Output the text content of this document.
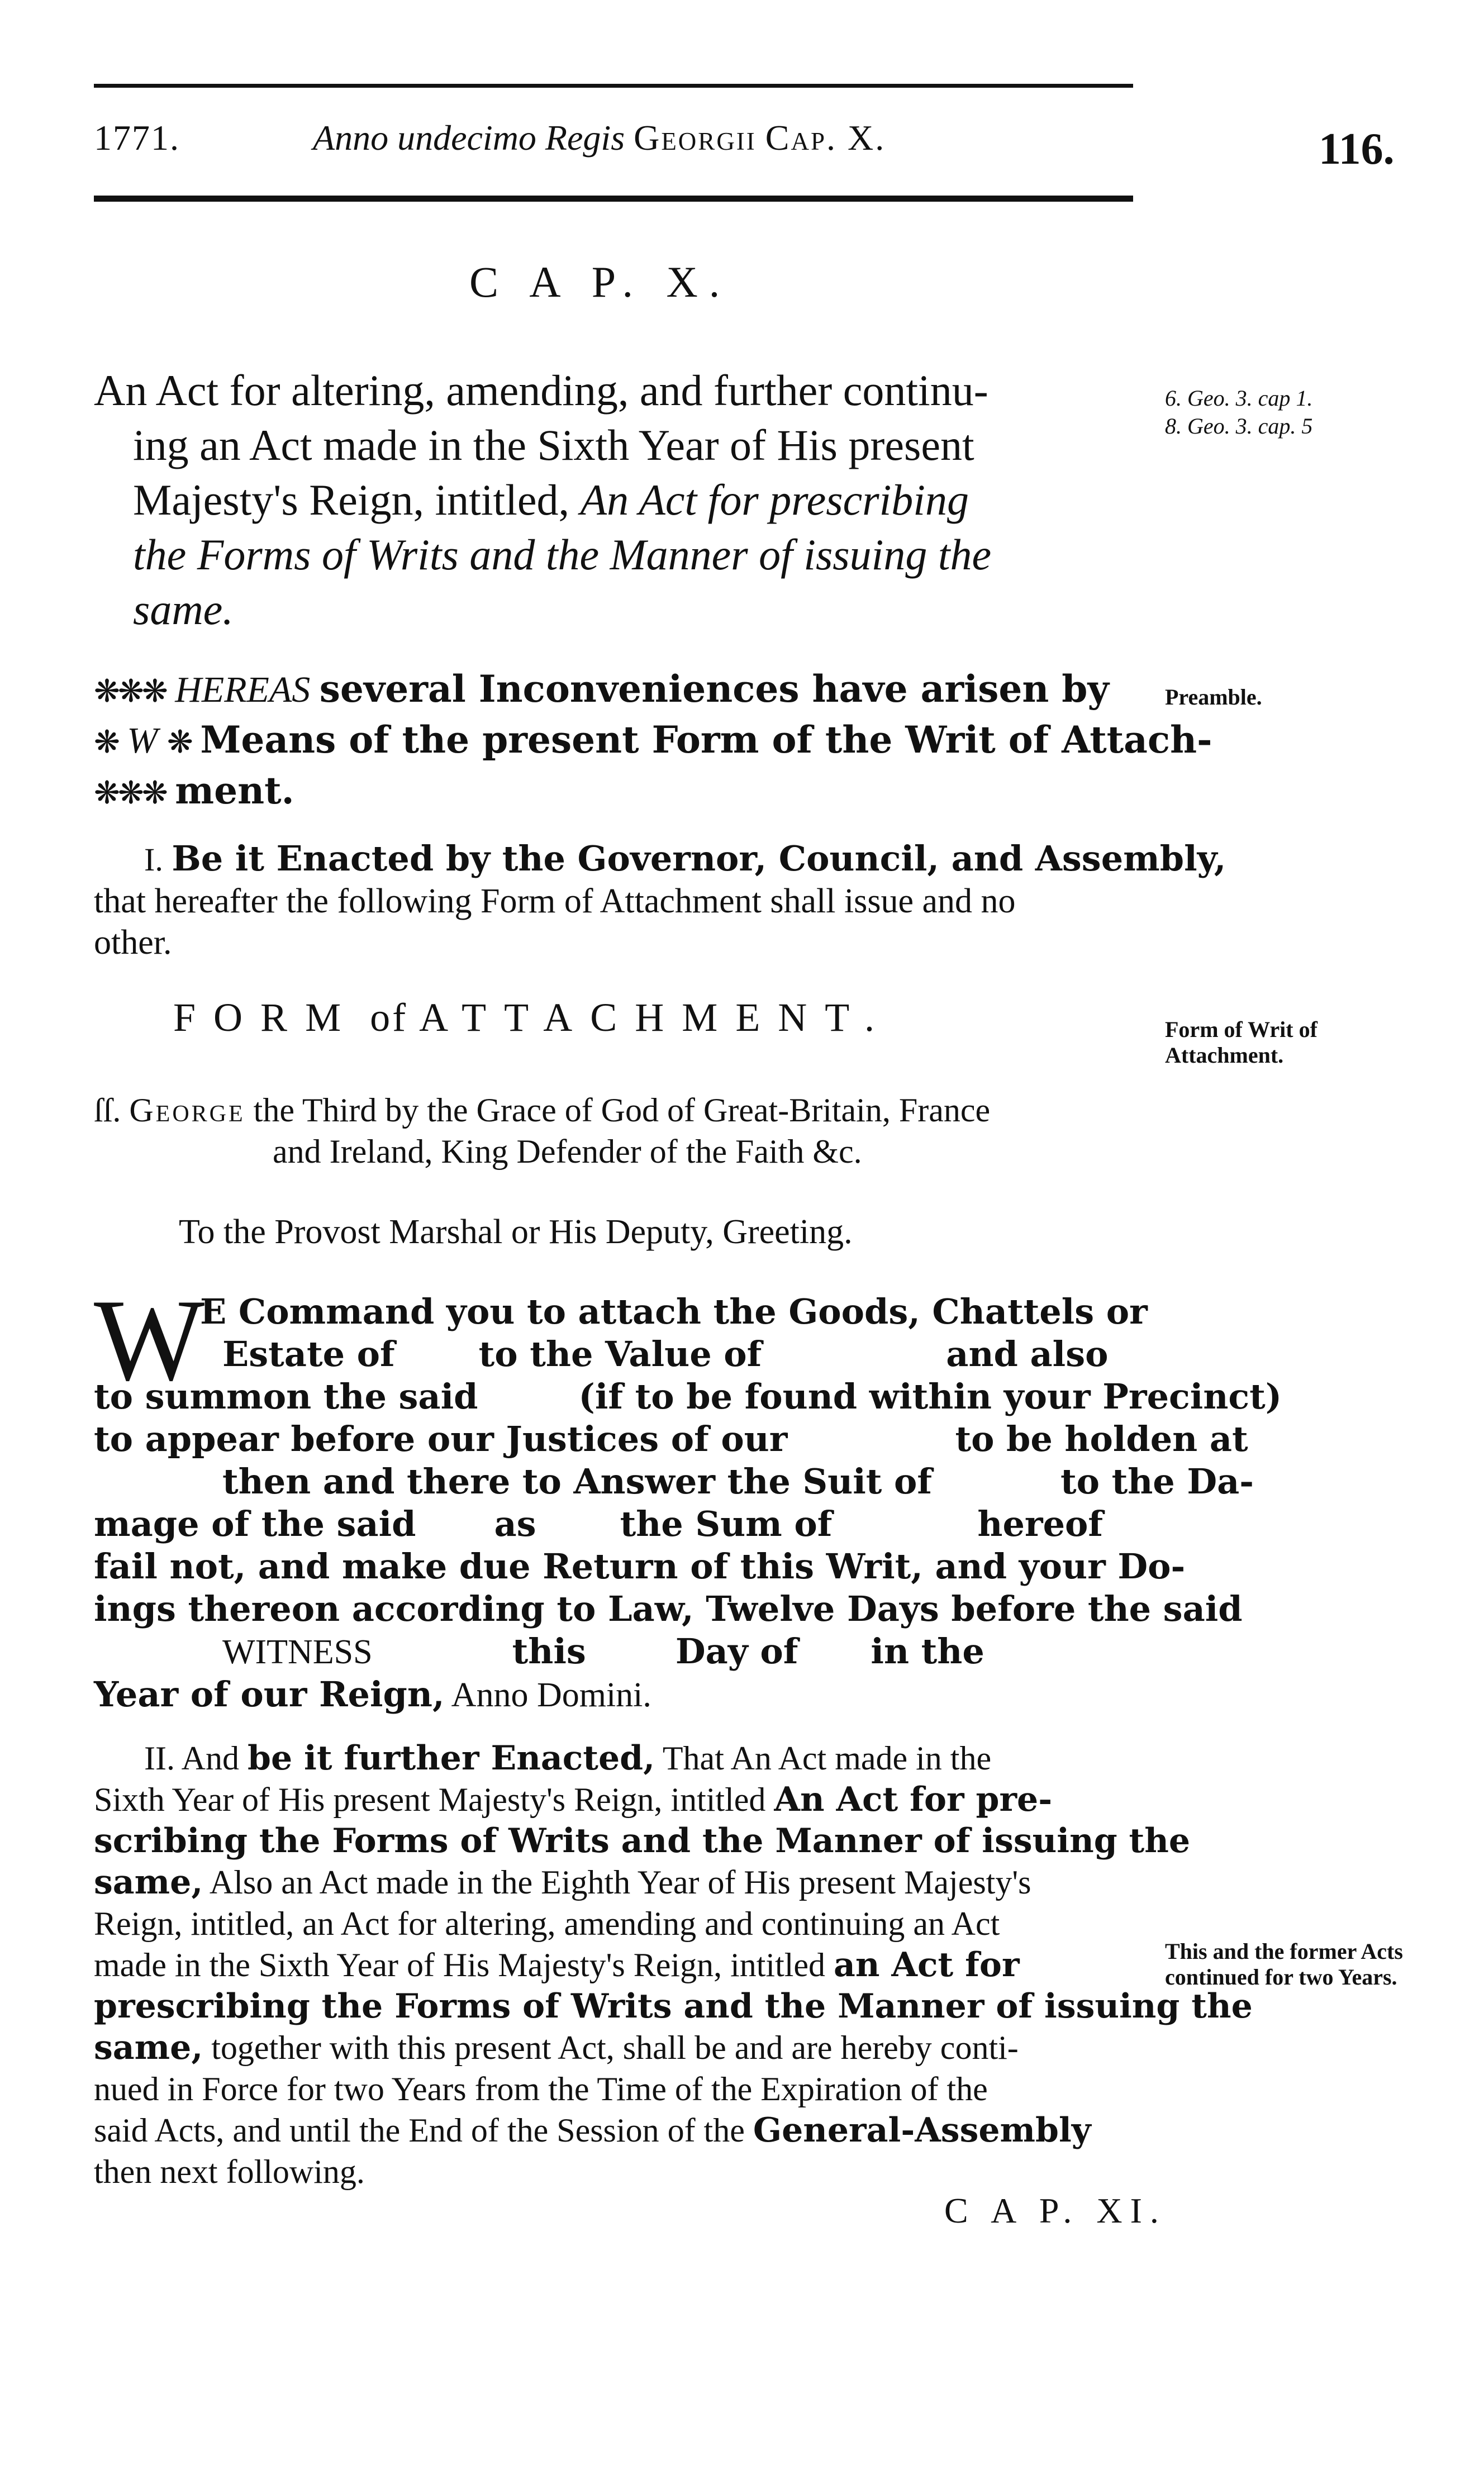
1771.	Anno undecimo Regis Georgii Cap. X.	116.
C A P. X.
An Act for altering, amending, and further continu-
ing an Act made in the Sixth Year of His present
Majesty's Reign, intitled, An Act for prescribing
the Forms of Writs and the Manner of issuing the
same.
6. Geo. 3. cap 1.
8. Geo. 3. cap. 5
Preamble.
Form of Writ of Attachment.
This and the former Acts continued for two Years.
❋❋❋ HEREAS several Inconveniences have arisen by
❋ W ❋ Means of the present Form of the Writ of Attach-
❋❋❋ ment.
I. Be it Enacted by the Governor, Council, and Assembly,
that hereafter the following Form of Attachment shall issue and no
other.
FORM of ATTACHMENT.
ſſ. George the Third by the Grace of God of Great-Britain, France
and Ireland, King Defender of the Faith &c.
To the Provost Marshal or His Deputy, Greeting.
W
E Command you to attach the Goods, Chattels or
Estate of to the Value of	and also
to summon the said	(if to be found within your Precinct)
to appear before our Justices of our	to be holden at
then and there to Answer the Suit of	to the Da-
mage of the said as the Sum of	hereof
fail not, and make due Return of this Writ, and your Do-
ings thereon according to Law, Twelve Days before the said
WITNESS	this	Day of in the
Year of our Reign, Anno Domini.
II. And be it further Enacted, That An Act made in the
Sixth Year of His present Majesty's Reign, intitled An Act for pre-
scribing the Forms of Writs and the Manner of issuing the
same, Also an Act made in the Eighth Year of His present Majesty's
Reign, intitled, an Act for altering, amending and continuing an Act
made in the Sixth Year of His Majesty's Reign, intitled an Act for
prescribing the Forms of Writs and the Manner of issuing the
same, together with this present Act, shall be and are hereby conti-
nued in Force for two Years from the Time of the Expiration of the
said Acts, and until the End of the Session of the General-Assembly
then next following.
C A P. XI.
